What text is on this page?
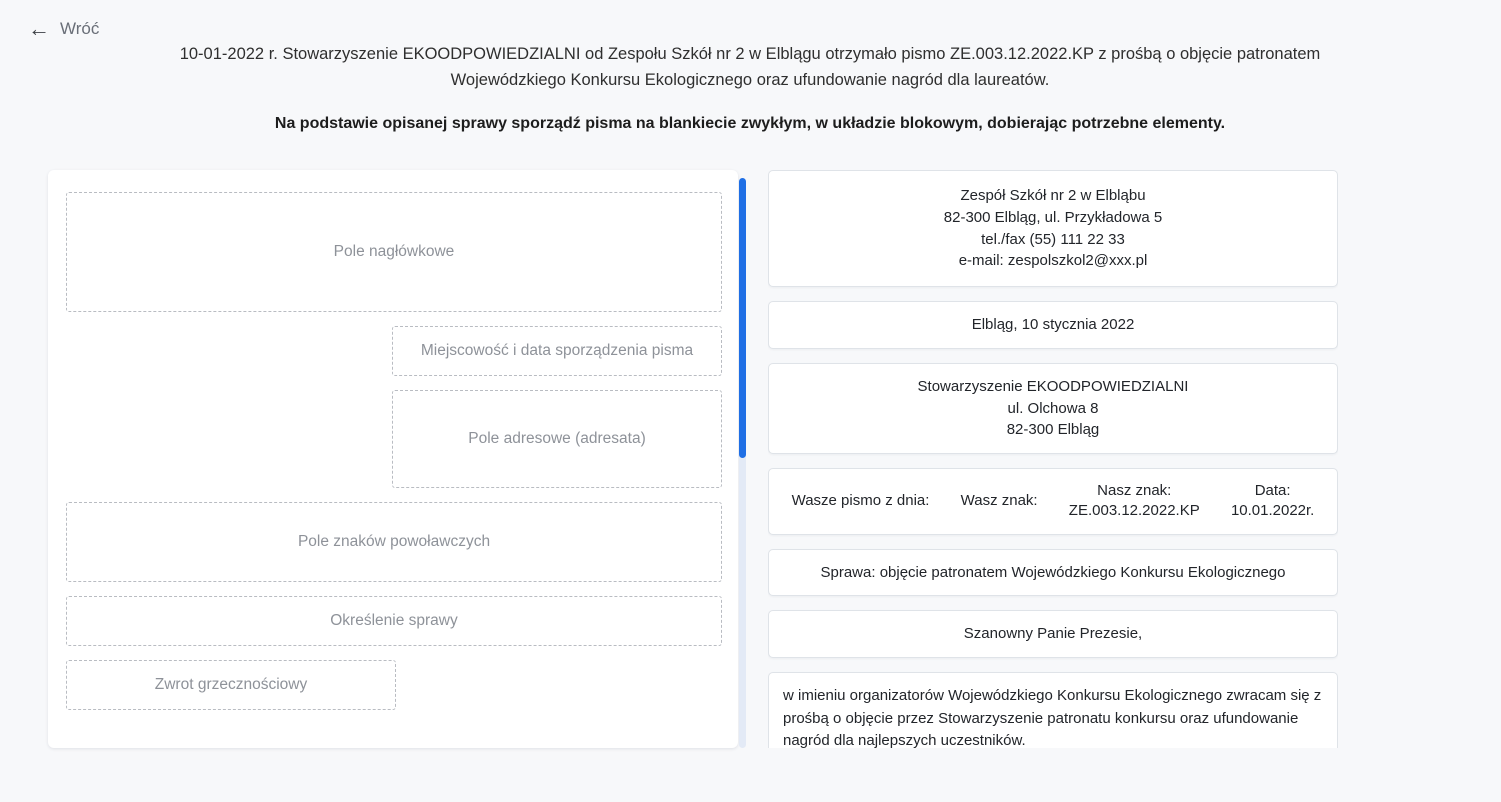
← Wróć

10-01-2022 r. Stowarzyszenie EKOODPOWIEDZIALNI od Zespołu Szkół nr 2 w Elblągu otrzymało pismo ZE.003.12.2022.KP z prośbą o objęcie patronatem Wojewódzkiego Konkursu Ekologicznego oraz ufundowanie nagród dla laureatów.

Na podstawie opisanej sprawy sporządź pisma na blankiecie zwykłym, w układzie blokowym, dobierając potrzebne elementy.

Pole nagłówkowe
Miejscowość i data sporządzenia pisma
Pole adresowe (adresata)
Pole znaków powoławczych
Określenie sprawy
Zwrot grzecznościowy
Zespół Szkół nr 2 w Elbląbu
82-300 Elbląg, ul. Przykładowa 5
tel./fax (55) 111 22 33
e-mail: zespolszkol2@xxx.pl
Elbląg, 10 stycznia 2022
Stowarzyszenie EKOODPOWIEDZIALNI
ul. Olchowa 8
82-300 Elbląg
Wasze pismo z dnia: Wasz znak:
Nasz znak:
ZE.003.12.2022.KP
Data:
10.01.2022r.
Sprawa: objęcie patronatem Wojewódzkiego Konkursu Ekologicznego
Szanowny Panie Prezesie,
w imieniu organizatorów Wojewódzkiego Konkursu Ekologicznego zwracam się z prośbą o objęcie przez Stowarzyszenie patronatu konkursu oraz ufundowanie nagród dla najlepszych uczestników.
